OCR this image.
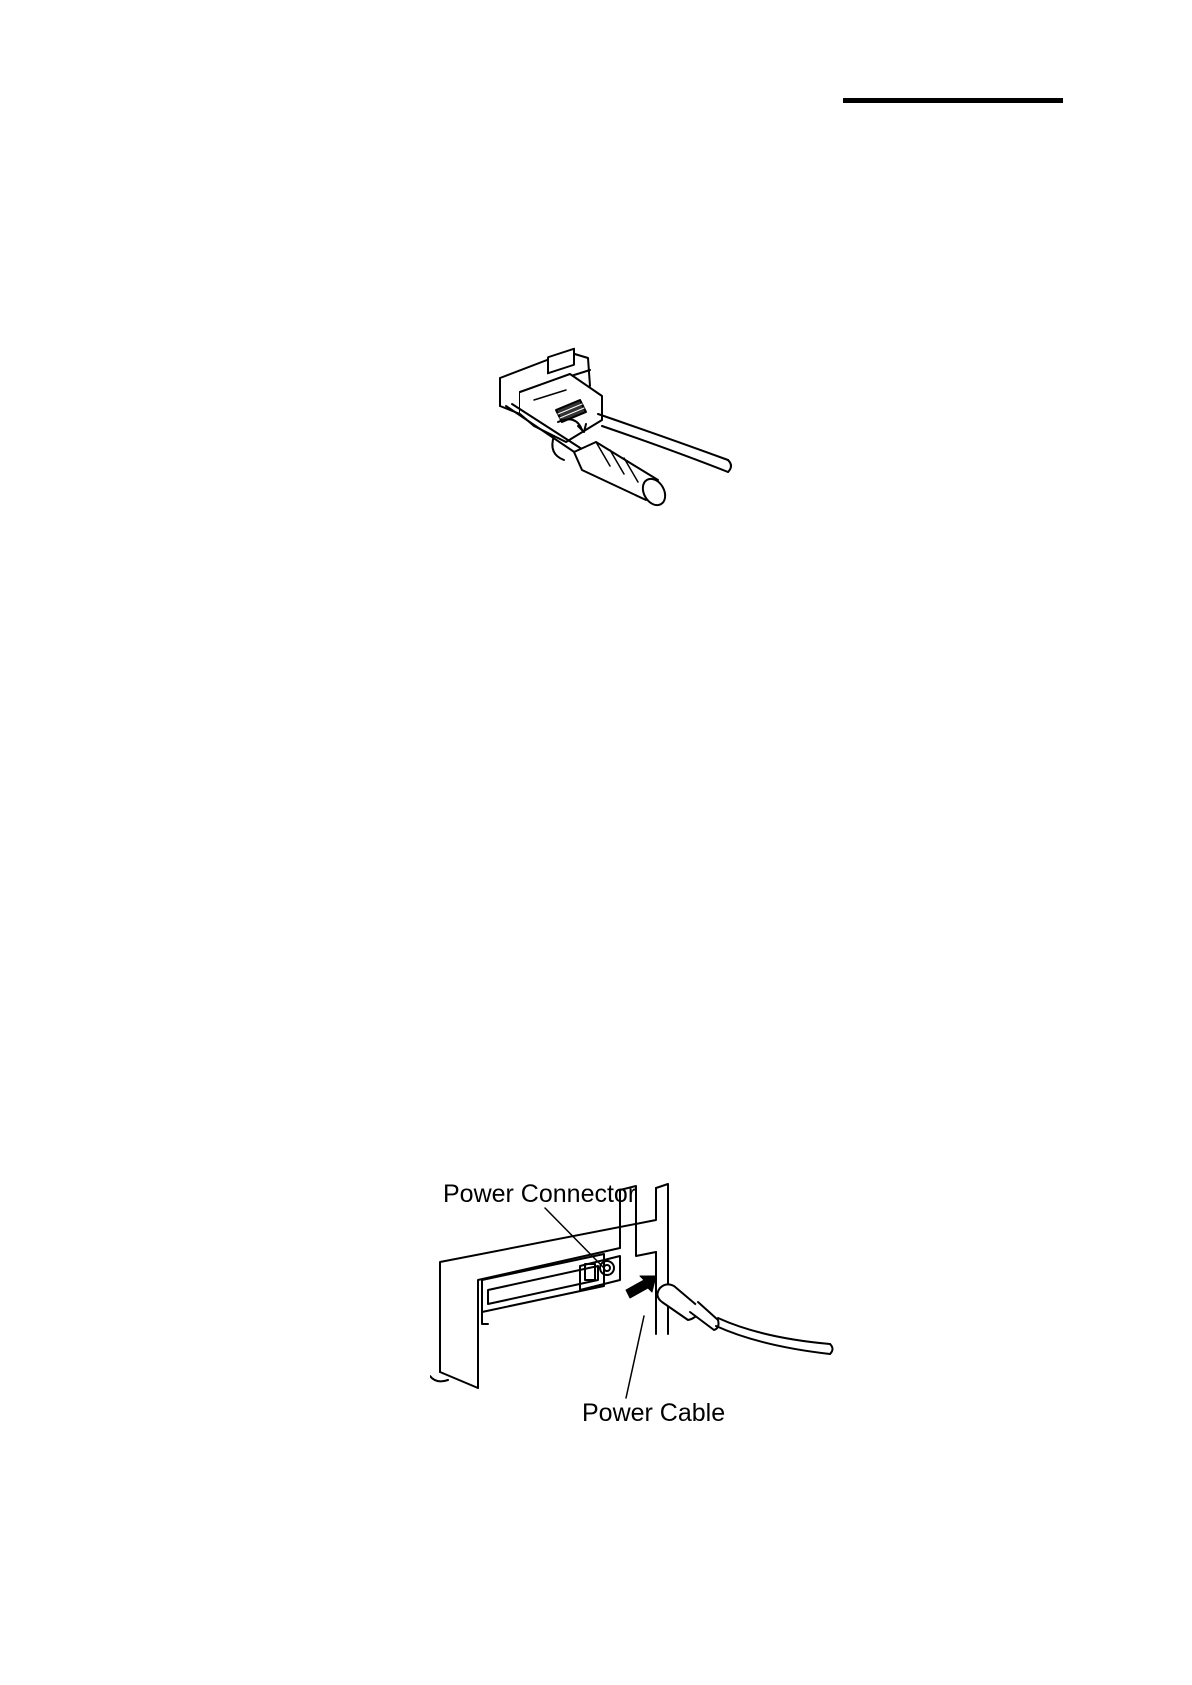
Power Connector
Power Cable
